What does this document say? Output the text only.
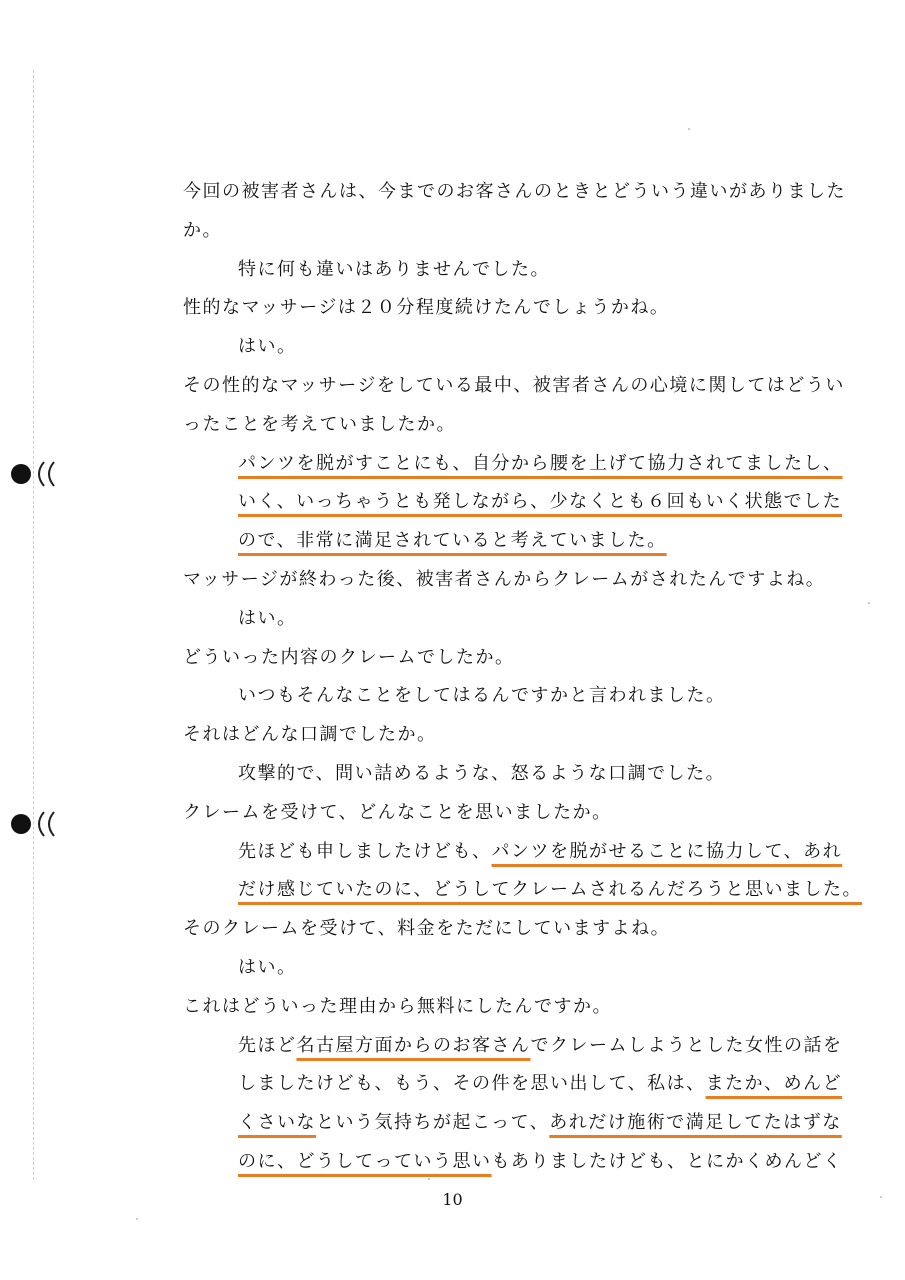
今回の被害者さんは、今までのお客さんのときとどういう違いがありました
か。
特に何も違いはありませんでした。
性的なマッサージは２０分程度続けたんでしょうかね。
はい。
その性的なマッサージをしている最中、被害者さんの心境に関してはどうい
ったことを考えていましたか。
パンツを脱がすことにも、自分から腰を上げて協力されてましたし、
いく、いっちゃうとも発しながら、少なくとも６回もいく状態でした
ので、非常に満足されていると考えていました。
マッサージが終わった後、被害者さんからクレームがされたんですよね。
はい。
どういった内容のクレームでしたか。
いつもそんなことをしてはるんですかと言われました。
それはどんな口調でしたか。
攻撃的で、問い詰めるような、怒るような口調でした。
クレームを受けて、どんなことを思いましたか。
先ほども申しましたけども、パンツを脱がせることに協力して、あれ
だけ感じていたのに、どうしてクレームされるんだろうと思いました。
そのクレームを受けて、料金をただにしていますよね。
はい。
これはどういった理由から無料にしたんですか。
先ほど名古屋方面からのお客さんでクレームしようとした女性の話を
しましたけども、もう、その件を思い出して、私は、またか、めんど
くさいなという気持ちが起こって、あれだけ施術で満足してたはずな
のに、どうしてっていう思いもありましたけども、とにかくめんどく
10
